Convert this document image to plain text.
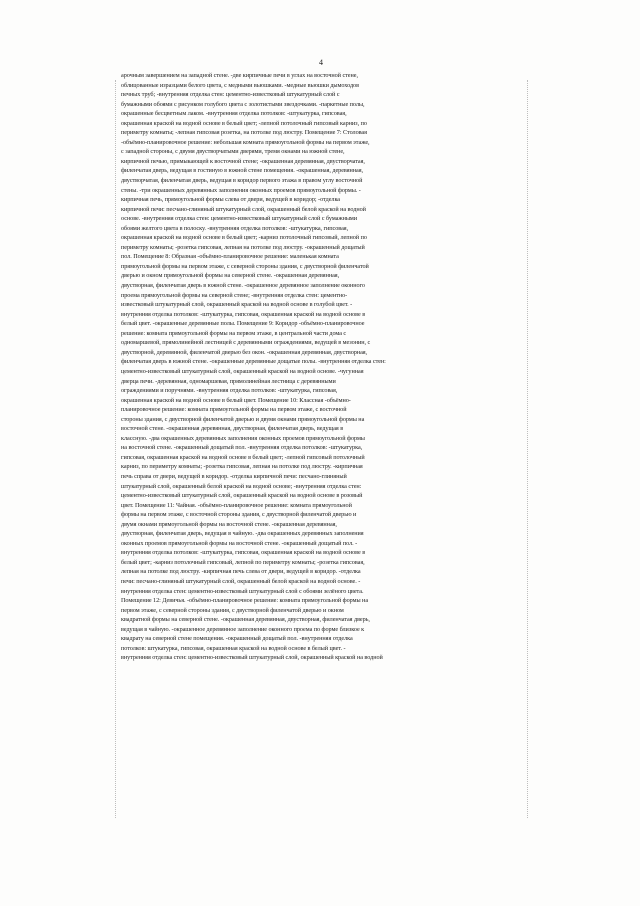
4
арочным завершением на западной стене. -две кирпичные печи в углах на восточной стене,
облицованные изразцами белого цвета, с медными вьюшками. -медные вьюшки дымоходов
печных труб; -внутренняя отделка стен: цементно-известковый штукатурный слой с
бумажными обоями с рисунком голубого цвета с золотистыми звездочками. -паркетные полы,
окрашенные бесцветным лаком. -внутренняя отделка потолков: -штукатурка, гипсовая,
окрашенная краской на водной основе в белый цвет; -лепной потолочный гипсовый карниз, по
периметру комнаты; -лепная гипсовая розетка, на потолке под люстру. Помещение 7: Столовая
-объёмно-планировочное решение: небольшая комната прямоугольной формы на первом этаже,
с западной стороны, с двумя двустворчатыми дверями, тремя окнами на южной стене,
кирпичной печью, примыкающей к восточной стене; -окрашенная деревянная, двустворчатая,
филенчатая дверь, ведущая в гостиную в южной стене помещения. -окрашенная, деревянная,
двустворчатая, филенчатая дверь, ведущая в коридор первого этажа в правом углу восточной
стены. -три окрашенных деревянных заполнения оконных проемов прямоугольной формы. -
кирпичная печь, прямоугольной формы слева от двери, ведущей в коридор; -отделка
кирпичной печи: песчано-глиняный штукатурный слой, окрашенный белой краской на водной
основе. -внутренняя отделка стен: цементно-известковый штукатурный слой с бумажными
обоями желтого цвета в полоску. -внутренняя отделка потолков: -штукатурка, гипсовая,
окрашенная краской на водной основе в белый цвет; -карниз потолочный гипсовый, лепной по
периметру комнаты; -розетка гипсовая, лепная на потолке под люстру. -окрашенный дощатый
пол. Помещение 8: Образная -объёмно-планировочное решение: маленькая комната
прямоугольной формы на первом этаже, с северной стороны здания, с двустворной филенчатой
дверью и окном прямоугольной формы на северной стене. -окрашенная деревянная,
двустворная, филенчатая дверь в южной стене. -окрашенное деревянное заполнение оконного
проема прямоугольной формы на северной стене; -внутренняя отделка стен: цементно-
известковый штукатурный слой, окрашенный краской на водной основе в голубой цвет. -
внутренняя отделка потолков: -штукатурка, гипсовая, окрашенная краской на водной основе в
белый цвет. -окрашенные деревянные полы. Помещение 9: Коридор -объёмно-планировочное
решение: комната прямоугольной формы на первом этаже, в центральной части дома с
одномаршевой, прямолинейной лестницей с деревянными ограждениями, ведущей в мезонин, с
двустворной, деревянной, филенчатой дверью без окон. -окрашенная деревянная, двустворная,
филенчатая дверь в южной стене. -окрашенные деревянные дощатые полы. -внутренняя отделка стен:
цементно-известковый штукатурный слой, окрашенный краской на водной основе. -чугунная
дверца печи. -деревянная, одномаршевая, прямолинейная лестница с деревянными
ограждениями и поручнями. -внутренняя отделка потолков: -штукатурка, гипсовая,
окрашенная краской на водной основе в белый цвет. Помещение 10: Классная -объёмно-
планировочное решение: комната прямоугольной формы на первом этаже, с восточной
стороны здания, с двустворной филенчатой дверью и двумя окнами прямоугольной формы на
восточной стене. -окрашенная деревянная, двустворная, филенчатая дверь, ведущая в
классную. -два окрашенных деревянных заполнения оконных проемов прямоугольной формы
на восточной стене. -окрашенный дощатый пол. -внутренняя отделка потолков: -штукатурка,
гипсовая, окрашенная краской на водной основе в белый цвет; -лепной гипсовый потолочный
карниз, по периметру комнаты; -розетка гипсовая, лепная на потолке под люстру. -кирпичная
печь справа от двери, ведущей в коридор. -отделка кирпичной печи: песчано-глиняный
штукатурный слой, окрашенный белой краской на водной основе; -внутренняя отделка стен:
цементно-известковый штукатурный слой, окрашенный краской на водной основе в розовый
цвет. Помещение 11: Чайная. -объёмно-планировочное решение: комната прямоугольной
формы на первом этаже, с восточной стороны здания, с двустворной филенчатой дверью и
двумя окнами прямоугольной формы на восточной стене. -окрашенная деревянная,
двустворная, филенчатая дверь, ведущая в чайную. -два окрашенных деревянных заполнения
оконных проемов прямоугольной формы на восточной стене. -окрашенный дощатый пол. -
внутренняя отделка потолков: -штукатурка, гипсовая, окрашенная краской на водной основе в
белый цвет; -карниз потолочный гипсовый, лепной по периметру комнаты; -розетка гипсовая,
лепная на потолке под люстру. -кирпичная печь слева от двери, ведущей в коридор. -отделка
печи: песчано-глиняный штукатурный слой, окрашенный белой краской на водной основе. -
внутренняя отделка стен: цементно-известковый штукатурный слой с обоями зелёного цвета.
Помещение 12: Девичья. -объёмно-планировочное решение: комната прямоугольной формы на
первом этаже, с северной стороны здания, с двустворной филенчатой дверью и окном
квадратной формы на северной стене. -окрашенная деревянная, двустворная, филенчатая дверь,
ведущая в чайную. -окрашенное деревянное заполнение оконного проема по форме близкое к
квадрату на северной стене помещения. -окрашенный дощатый пол. -внутренняя отделка
потолков: штукатурка, гипсовая, окрашенная краской на водной основе в белый цвет. -
внутренняя отделка стен: цементно-известковый штукатурный слой, окрашенный краской на водной
